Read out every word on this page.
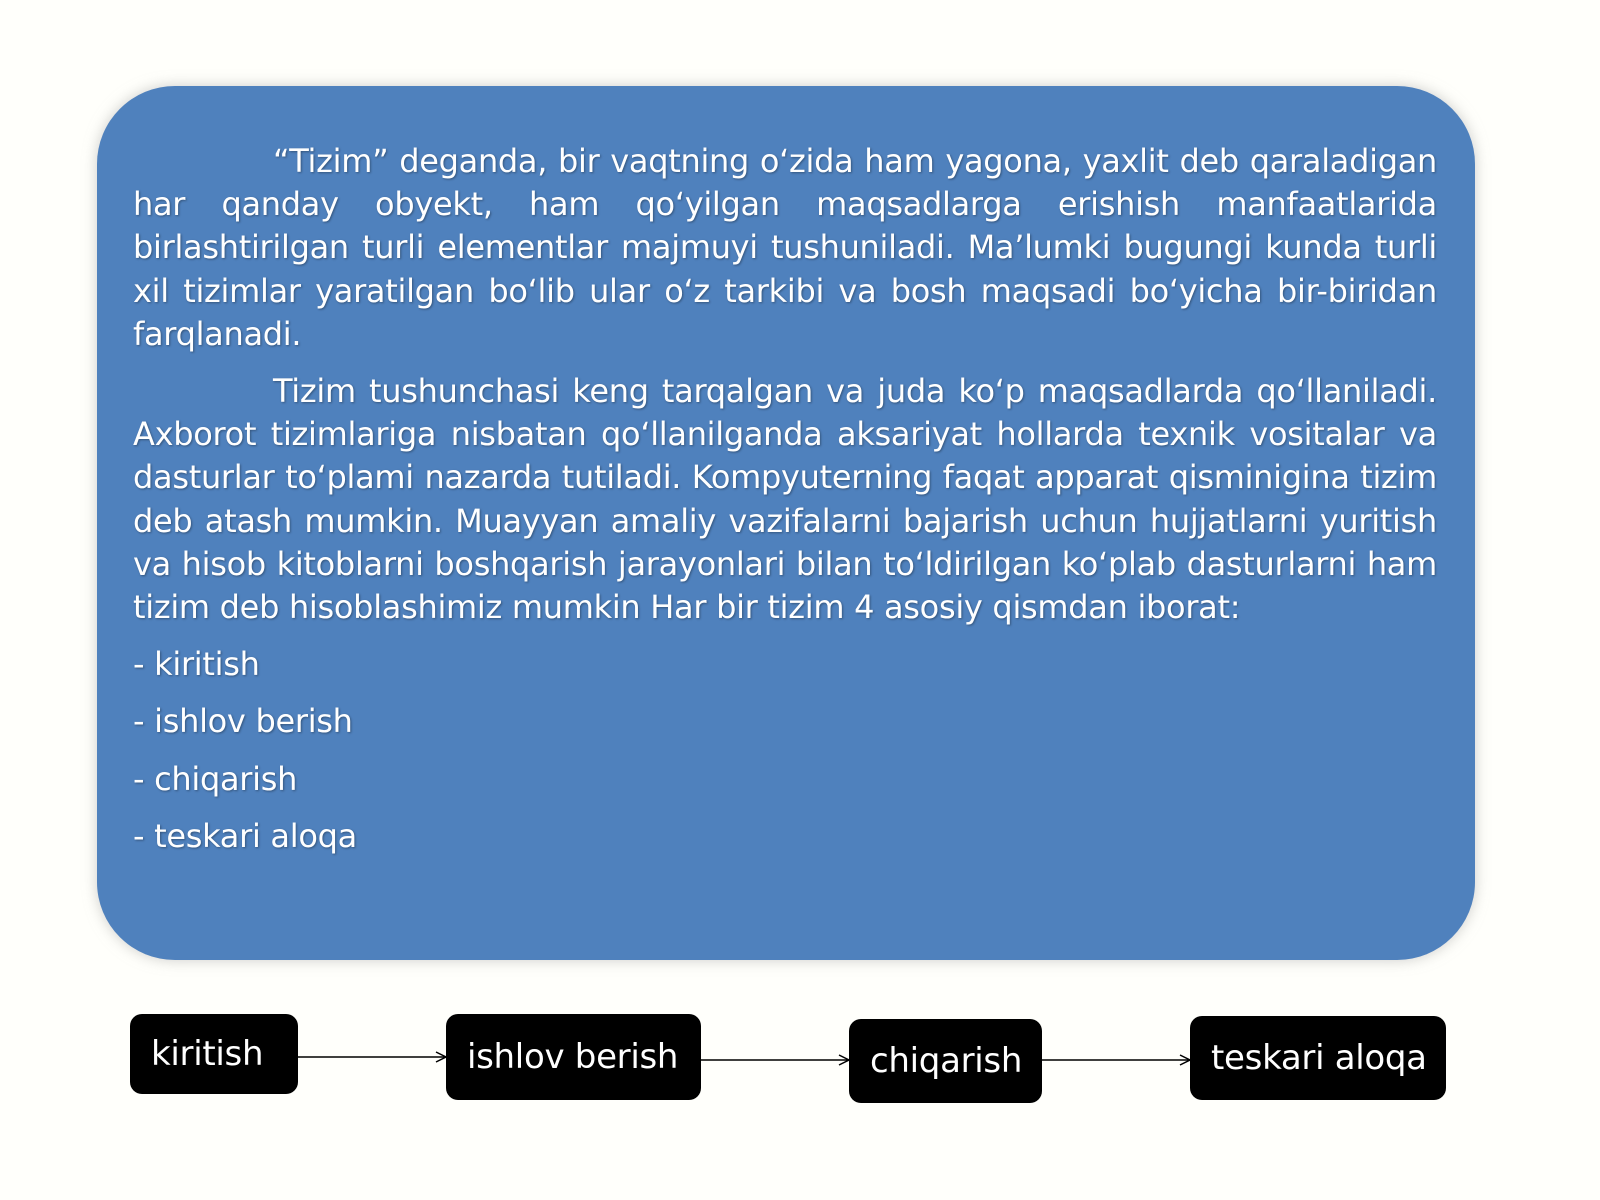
“Tizim” deganda, bir vaqtning oʻzida ham yagona, yaxlit deb qaraladigan har qanday obyekt, ham qoʻyilgan maqsadlarga erishish manfaatlarida birlashtirilgan turli elementlar majmuyi tushuniladi. Ma’lumki bugungi kunda turli xil tizimlar yaratilgan boʻlib ular oʻz tarkibi va bosh maqsadi boʻyicha bir-biridan farqlanadi.

Tizim tushunchasi keng tarqalgan va juda koʻp maqsadlarda qoʻllaniladi. Axborot tizimlariga nisbatan qoʻllanilganda aksariyat hollarda texnik vositalar va dasturlar toʻplami nazarda tutiladi. Kompyuterning faqat apparat qisminigina tizim deb atash mumkin. Muayyan amaliy vazifalarni bajarish uchun hujjatlarni yuritish va hisob kitoblarni boshqarish jarayonlari bilan toʻldirilgan koʻplab dasturlarni ham tizim deb hisoblashimiz mumkin Har bir tizim 4 asosiy qismdan iborat:

- kiritish

- ishlov berish

- chiqarish

- teskari aloqa

kiritish	ishlov berish	chiqarish	teskari aloqa
